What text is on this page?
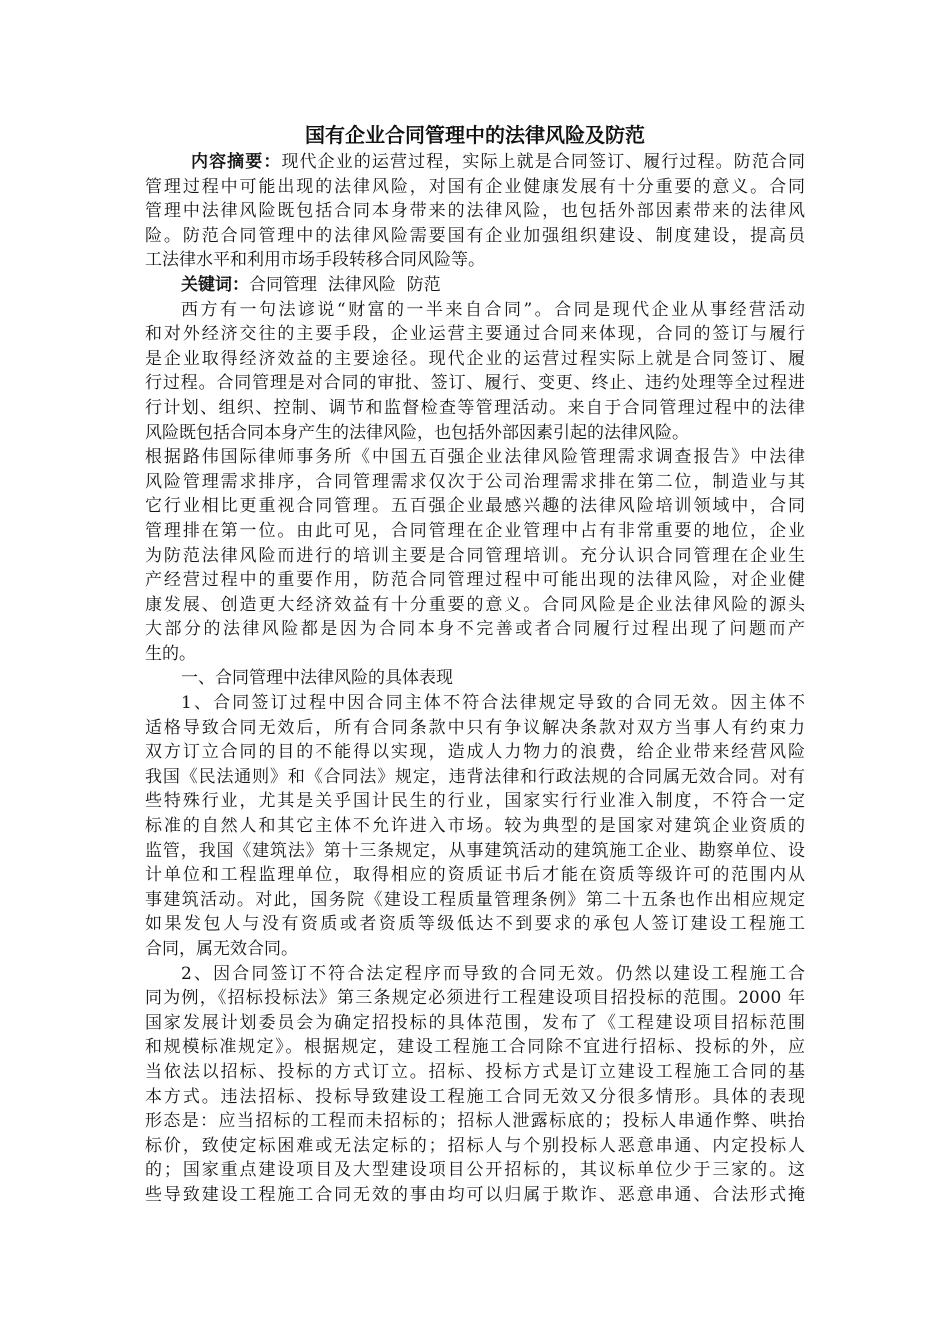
国有企业合同管理中的法律风险及防范
内容摘要：现代企业的运营过程，实际上就是合同签订、履行过程。防范合同
管理过程中可能出现的法律风险，对国有企业健康发展有十分重要的意义。合同
管理中法律风险既包括合同本身带来的法律风险，也包括外部因素带来的法律风
险。防范合同管理中的法律风险需要国有企业加强组织建设、制度建设，提高员
工法律水平和利用市场手段转移合同风险等。
关键词：合同管理  法律风险  防范
西方有一句法谚说“财富的一半来自合同”。合同是现代企业从事经营活动
和对外经济交往的主要手段，企业运营主要通过合同来体现，合同的签订与履行
是企业取得经济效益的主要途径。现代企业的运营过程实际上就是合同签订、履
行过程。合同管理是对合同的审批、签订、履行、变更、终止、违约处理等全过程进
行计划、组织、控制、调节和监督检查等管理活动。来自于合同管理过程中的法律
风险既包括合同本身产生的法律风险，也包括外部因素引起的法律风险。
根据路伟国际律师事务所《中国五百强企业法律风险管理需求调查报告》中法律
风险管理需求排序，合同管理需求仅次于公司治理需求排在第二位，制造业与其
它行业相比更重视合同管理。五百强企业最感兴趣的法律风险培训领域中，合同
管理排在第一位。由此可见，合同管理在企业管理中占有非常重要的地位，企业
为防范法律风险而进行的培训主要是合同管理培训。充分认识合同管理在企业生
产经营过程中的重要作用，防范合同管理过程中可能出现的法律风险，对企业健
康发展、创造更大经济效益有十分重要的意义。合同风险是企业法律风险的源头
大部分的法律风险都是因为合同本身不完善或者合同履行过程出现了问题而产
生的。
一、合同管理中法律风险的具体表现
1、合同签订过程中因合同主体不符合法律规定导致的合同无效。因主体不
适格导致合同无效后，所有合同条款中只有争议解决条款对双方当事人有约束力
双方订立合同的目的不能得以实现，造成人力物力的浪费，给企业带来经营风险
我国《民法通则》和《合同法》规定，违背法律和行政法规的合同属无效合同。对有
些特殊行业，尤其是关乎国计民生的行业，国家实行行业准入制度，不符合一定
标准的自然人和其它主体不允许进入市场。较为典型的是国家对建筑企业资质的
监管，我国《建筑法》第十三条规定，从事建筑活动的建筑施工企业、勘察单位、设
计单位和工程监理单位，取得相应的资质证书后才能在资质等级许可的范围内从
事建筑活动。对此，国务院《建设工程质量管理条例》第二十五条也作出相应规定
如果发包人与没有资质或者资质等级低达不到要求的承包人签订建设工程施工
合同，属无效合同。
2、因合同签订不符合法定程序而导致的合同无效。仍然以建设工程施工合
同为例，《招标投标法》第三条规定必须进行工程建设项目招投标的范围。2000 年
国家发展计划委员会为确定招投标的具体范围，发布了《工程建设项目招标范围
和规模标准规定》。根据规定，建设工程施工合同除不宜进行招标、投标的外，应
当依法以招标、投标的方式订立。招标、投标方式是订立建设工程施工合同的基
本方式。违法招标、投标导致建设工程施工合同无效又分很多情形。具体的表现
形态是：应当招标的工程而未招标的；招标人泄露标底的；投标人串通作弊、哄抬
标价，致使定标困难或无法定标的；招标人与个别投标人恶意串通、内定投标人
的；国家重点建设项目及大型建设项目公开招标的，其议标单位少于三家的。这
些导致建设工程施工合同无效的事由均可以归属于欺诈、恶意串通、合法形式掩
